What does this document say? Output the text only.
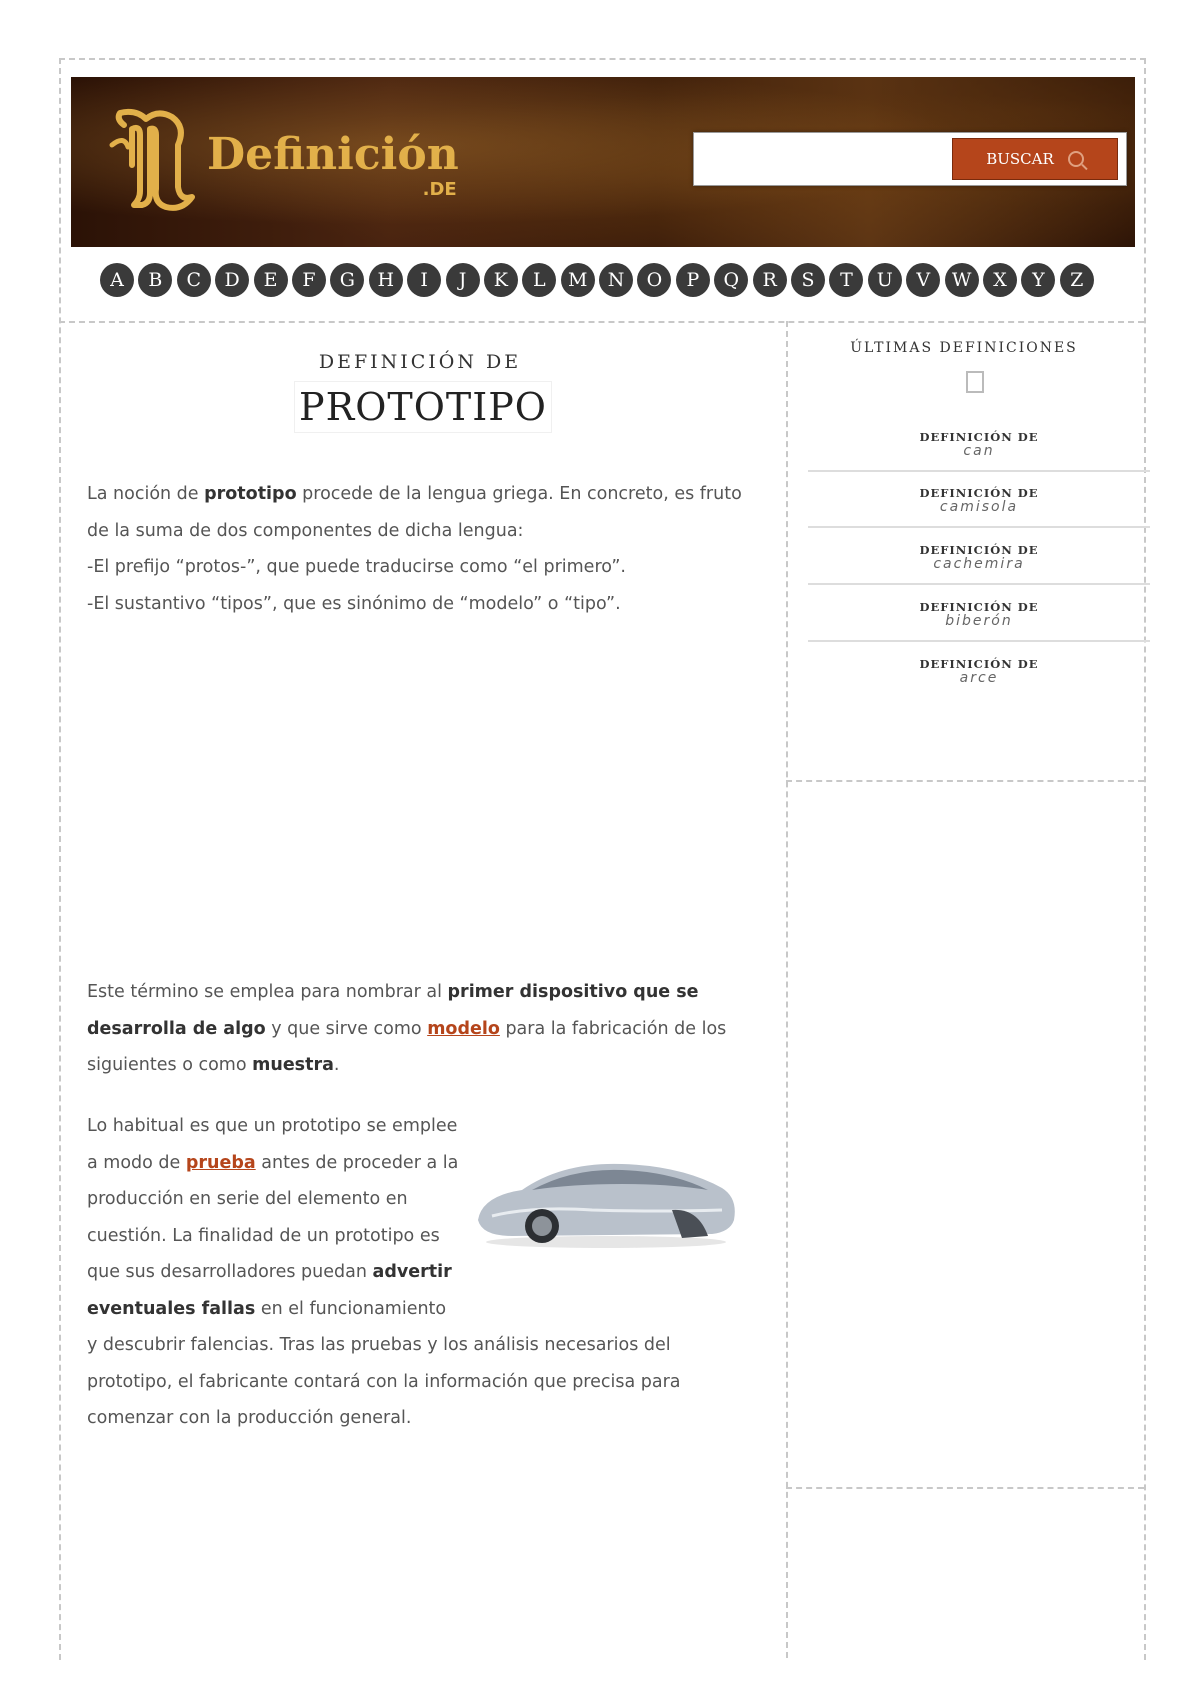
Definición
.DE
BUSCAR
A	B	C	D	E	F	G	H	I	J	K	L	M	N	O	P	Q	R	S	T	U	V	W	X	Y	Z
DEFINICIÓN DE
PROTOTIPO

La noción de prototipo procede de la lengua griega. En concreto, es fruto de la suma de dos componentes de dicha lengua:

-El prefijo “protos-”, que puede traducirse como “el primero”.

-El sustantivo “tipos”, que es sinónimo de “modelo” o “tipo”.

Este término se emplea para nombrar al primer dispositivo que se desarrolla de algo y que sirve como modelo para la fabricación de los siguientes o como muestra.

Lo habitual es que un prototipo se emplee a modo de prueba antes de proceder a la producción en serie del elemento en cuestión. La finalidad de un prototipo es que sus desarrolladores puedan advertir eventuales fallas en el funcionamiento y descubrir falencias. Tras las pruebas y los análisis necesarios del prototipo, el fabricante contará con la información que precisa para comenzar con la producción general.

ÚLTIMAS DEFINICIONES
DEFINICIÓN DE
can
DEFINICIÓN DE
camisola
DEFINICIÓN DE
cachemira
DEFINICIÓN DE
biberón
DEFINICIÓN DE
arce
